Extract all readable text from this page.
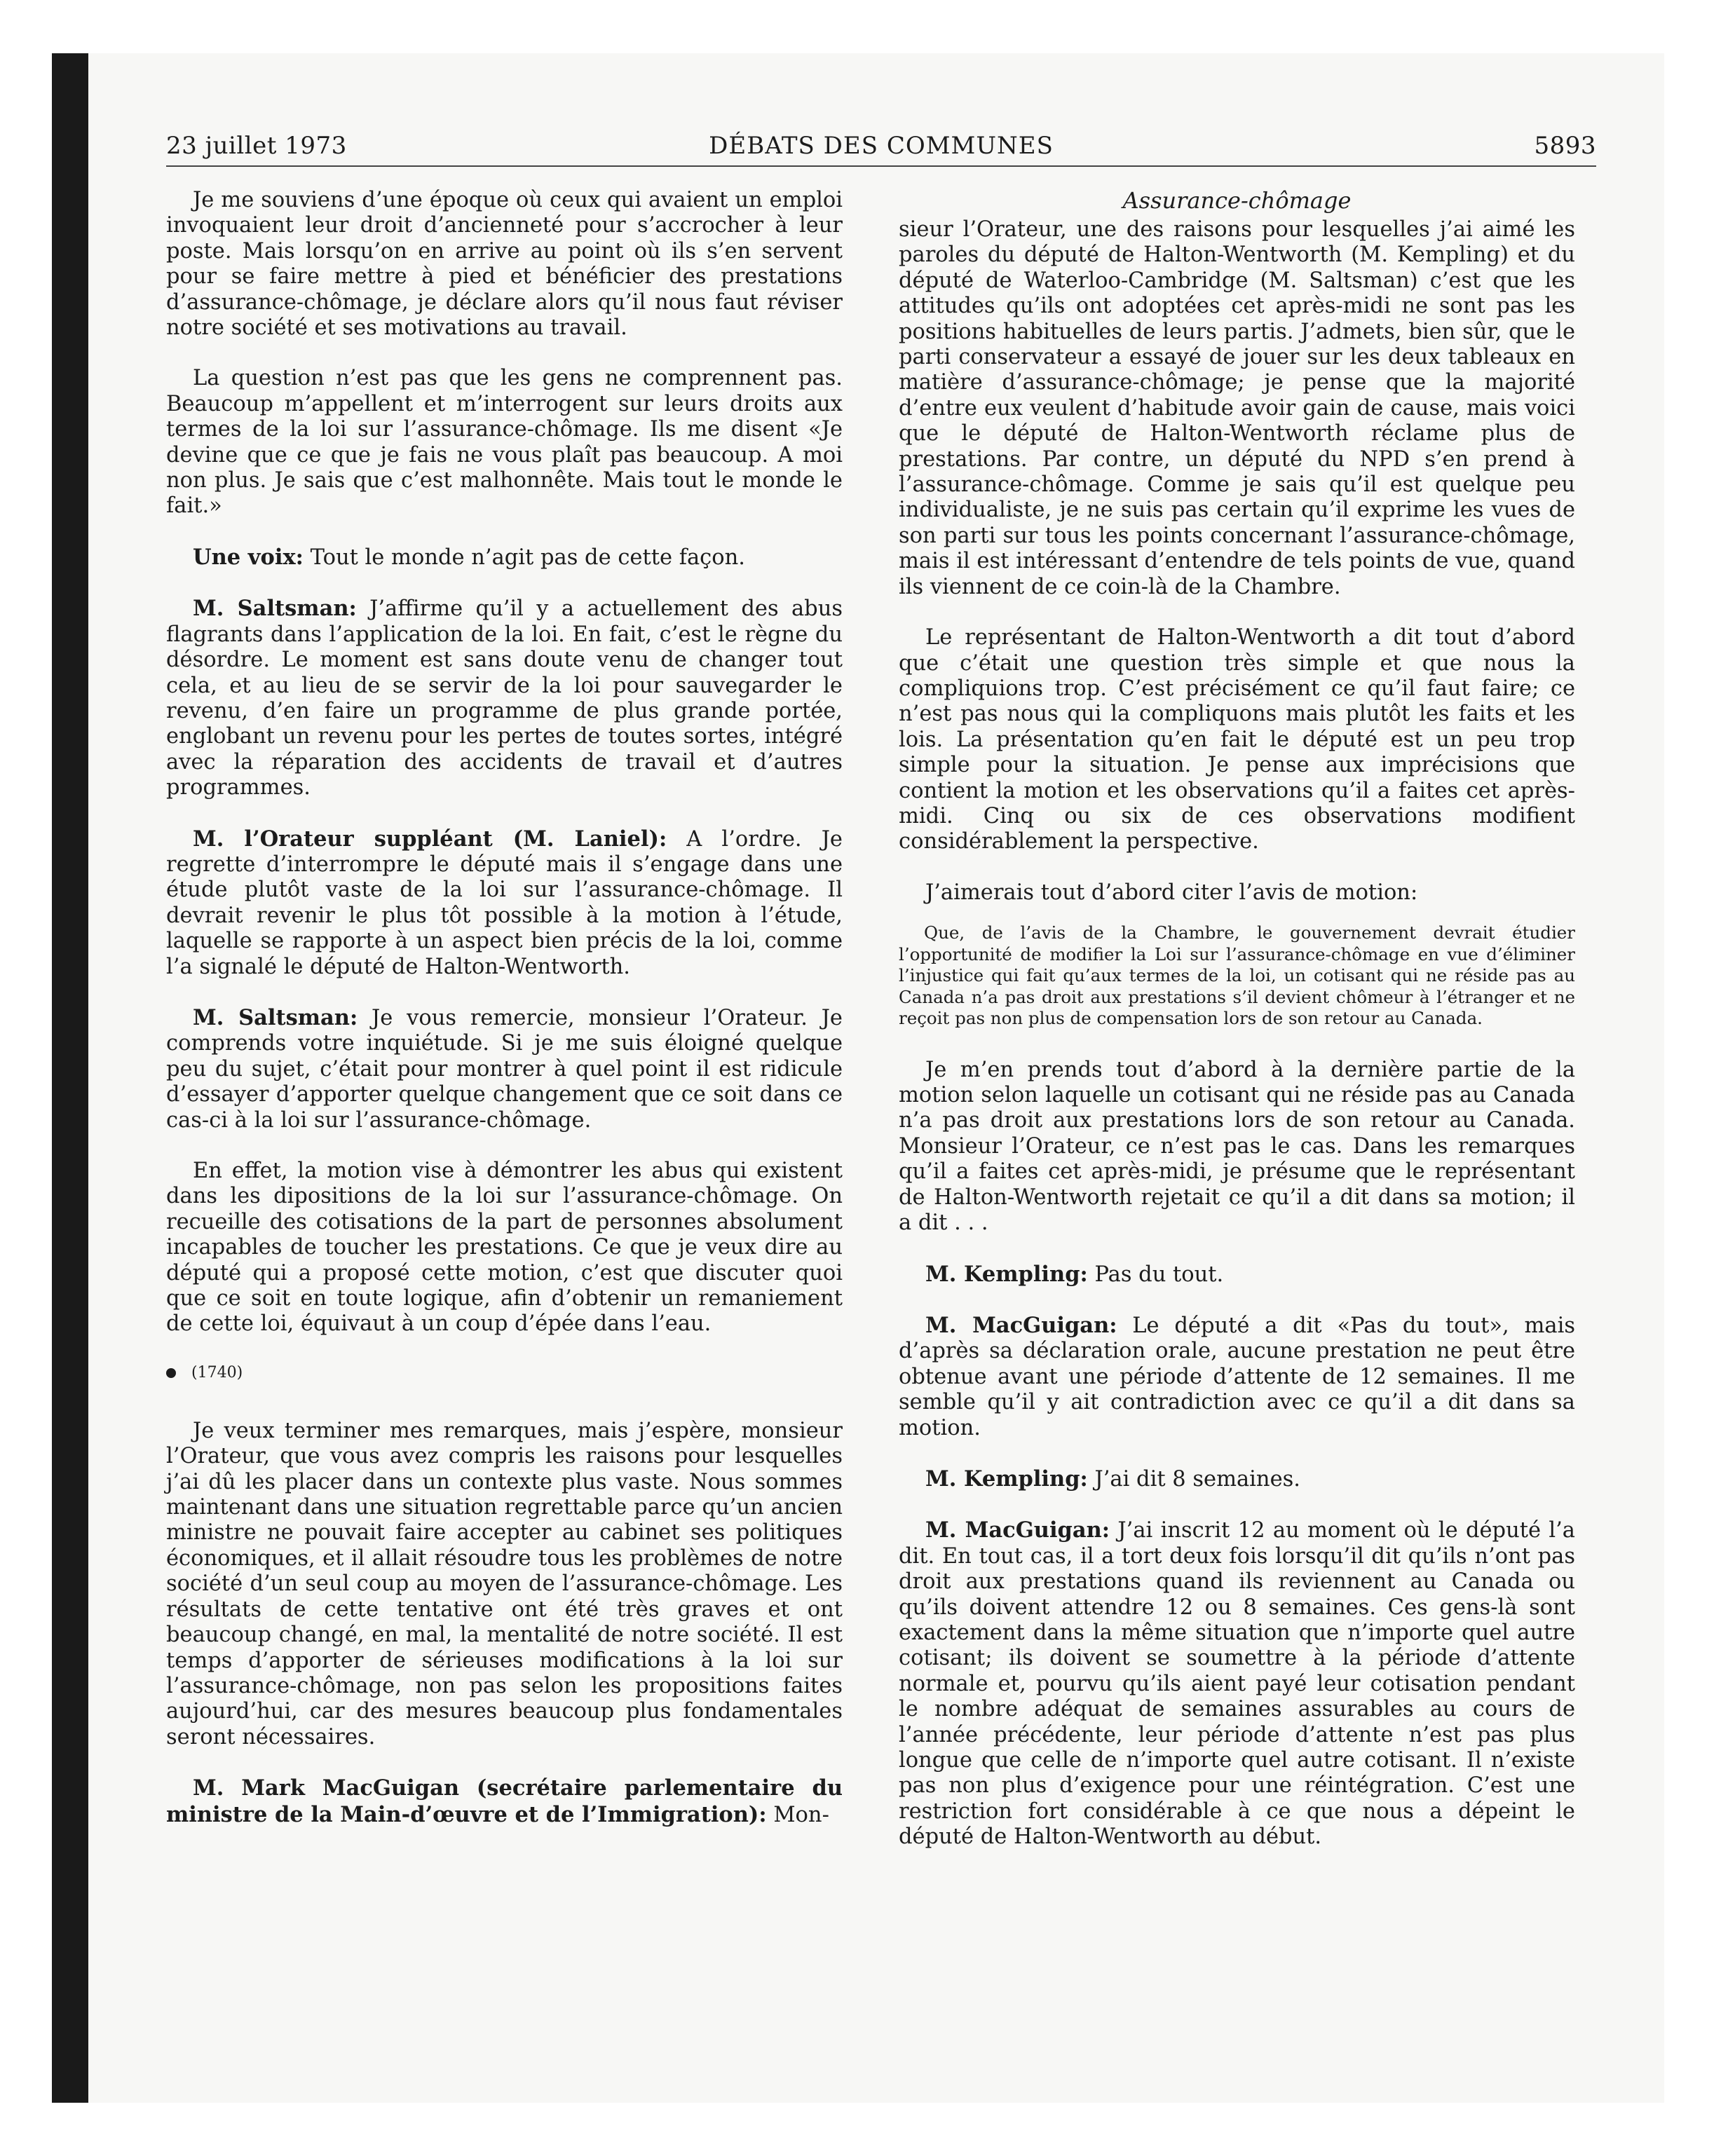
23 juillet 1973	DÉBATS DES COMMUNES	5893

Je me souviens d’une époque où ceux qui avaient un emploi invoquaient leur droit d’ancienneté pour s’accrocher à leur poste. Mais lorsqu’on en arrive au point où ils s’en servent pour se faire mettre à pied et bénéficier des prestations d’assurance-chômage, je déclare alors qu’il nous faut réviser notre société et ses motivations au travail.

La question n’est pas que les gens ne comprennent pas. Beaucoup m’appellent et m’interrogent sur leurs droits aux termes de la loi sur l’assurance-chômage. Ils me disent «Je devine que ce que je fais ne vous plaît pas beaucoup. A moi non plus. Je sais que c’est malhonnête. Mais tout le monde le fait.»

Une voix: Tout le monde n’agit pas de cette façon.

M. Saltsman: J’affirme qu’il y a actuellement des abus flagrants dans l’application de la loi. En fait, c’est le règne du désordre. Le moment est sans doute venu de changer tout cela, et au lieu de se servir de la loi pour sauvegarder le revenu, d’en faire un programme de plus grande portée, englobant un revenu pour les pertes de toutes sortes, intégré avec la réparation des accidents de travail et d’autres programmes.

M. l’Orateur suppléant (M. Laniel): A l’ordre. Je regrette d’interrompre le député mais il s’engage dans une étude plutôt vaste de la loi sur l’assurance-chômage. Il devrait revenir le plus tôt possible à la motion à l’étude, laquelle se rapporte à un aspect bien précis de la loi, comme l’a signalé le député de Halton-Wentworth.

M. Saltsman: Je vous remercie, monsieur l’Orateur. Je comprends votre inquiétude. Si je me suis éloigné quelque peu du sujet, c’était pour montrer à quel point il est ridicule d’essayer d’apporter quelque changement que ce soit dans ce cas-ci à la loi sur l’assurance-chômage.

En effet, la motion vise à démontrer les abus qui existent dans les dipositions de la loi sur l’assurance-chômage. On recueille des cotisations de la part de personnes absolument incapables de toucher les prestations. Ce que je veux dire au député qui a proposé cette motion, c’est que discuter quoi que ce soit en toute logique, afin d’obtenir un remaniement de cette loi, équivaut à un coup d’épée dans l’eau.

(1740)

Je veux terminer mes remarques, mais j’espère, monsieur l’Orateur, que vous avez compris les raisons pour lesquelles j’ai dû les placer dans un contexte plus vaste. Nous sommes maintenant dans une situation regrettable parce qu’un ancien ministre ne pouvait faire accepter au cabinet ses politiques économiques, et il allait résoudre tous les problèmes de notre société d’un seul coup au moyen de l’assurance-chômage. Les résultats de cette tentative ont été très graves et ont beaucoup changé, en mal, la mentalité de notre société. Il est temps d’apporter de sérieuses modifications à la loi sur l’assurance-chômage, non pas selon les propositions faites aujourd’hui, car des mesures beaucoup plus fondamentales seront nécessaires.

M. Mark MacGuigan (secrétaire parlementaire du ministre de la Main-d’œuvre et de l’Immigration): Mon-

Assurance-chômage

sieur l’Orateur, une des raisons pour lesquelles j’ai aimé les paroles du député de Halton-Wentworth (M. Kempling) et du député de Waterloo-Cambridge (M. Saltsman) c’est que les attitudes qu’ils ont adoptées cet après-midi ne sont pas les positions habituelles de leurs partis. J’admets, bien sûr, que le parti conservateur a essayé de jouer sur les deux tableaux en matière d’assurance-chômage; je pense que la majorité d’entre eux veulent d’habitude avoir gain de cause, mais voici que le député de Halton-Wentworth réclame plus de prestations. Par contre, un député du NPD s’en prend à l’assurance-chômage. Comme je sais qu’il est quelque peu individualiste, je ne suis pas certain qu’il exprime les vues de son parti sur tous les points concernant l’assurance-chômage, mais il est intéressant d’entendre de tels points de vue, quand ils viennent de ce coin-là de la Chambre.

Le représentant de Halton-Wentworth a dit tout d’abord que c’était une question très simple et que nous la compliquions trop. C’est précisément ce qu’il faut faire; ce n’est pas nous qui la compliquons mais plutôt les faits et les lois. La présentation qu’en fait le député est un peu trop simple pour la situation. Je pense aux imprécisions que contient la motion et les observations qu’il a faites cet après-midi. Cinq ou six de ces observations modifient considérablement la perspective.

J’aimerais tout d’abord citer l’avis de motion:

Que, de l’avis de la Chambre, le gouvernement devrait étudier l’opportunité de modifier la Loi sur l’assurance-chômage en vue d’éliminer l’injustice qui fait qu’aux termes de la loi, un cotisant qui ne réside pas au Canada n’a pas droit aux prestations s’il devient chômeur à l’étranger et ne reçoit pas non plus de compensation lors de son retour au Canada.

Je m’en prends tout d’abord à la dernière partie de la motion selon laquelle un cotisant qui ne réside pas au Canada n’a pas droit aux prestations lors de son retour au Canada. Monsieur l’Orateur, ce n’est pas le cas. Dans les remarques qu’il a faites cet après-midi, je présume que le représentant de Halton-Wentworth rejetait ce qu’il a dit dans sa motion; il a dit . . .

M. Kempling: Pas du tout.

M. MacGuigan: Le député a dit «Pas du tout», mais d’après sa déclaration orale, aucune prestation ne peut être obtenue avant une période d’attente de 12 semaines. Il me semble qu’il y ait contradiction avec ce qu’il a dit dans sa motion.

M. Kempling: J’ai dit 8 semaines.

M. MacGuigan: J’ai inscrit 12 au moment où le député l’a dit. En tout cas, il a tort deux fois lorsqu’il dit qu’ils n’ont pas droit aux prestations quand ils reviennent au Canada ou qu’ils doivent attendre 12 ou 8 semaines. Ces gens-là sont exactement dans la même situation que n’importe quel autre cotisant; ils doivent se soumettre à la période d’attente normale et, pourvu qu’ils aient payé leur cotisation pendant le nombre adéquat de semaines assurables au cours de l’année précédente, leur période d’attente n’est pas plus longue que celle de n’importe quel autre cotisant. Il n’existe pas non plus d’exigence pour une réintégration. C’est une restriction fort considérable à ce que nous a dépeint le député de Halton-Wentworth au début.
